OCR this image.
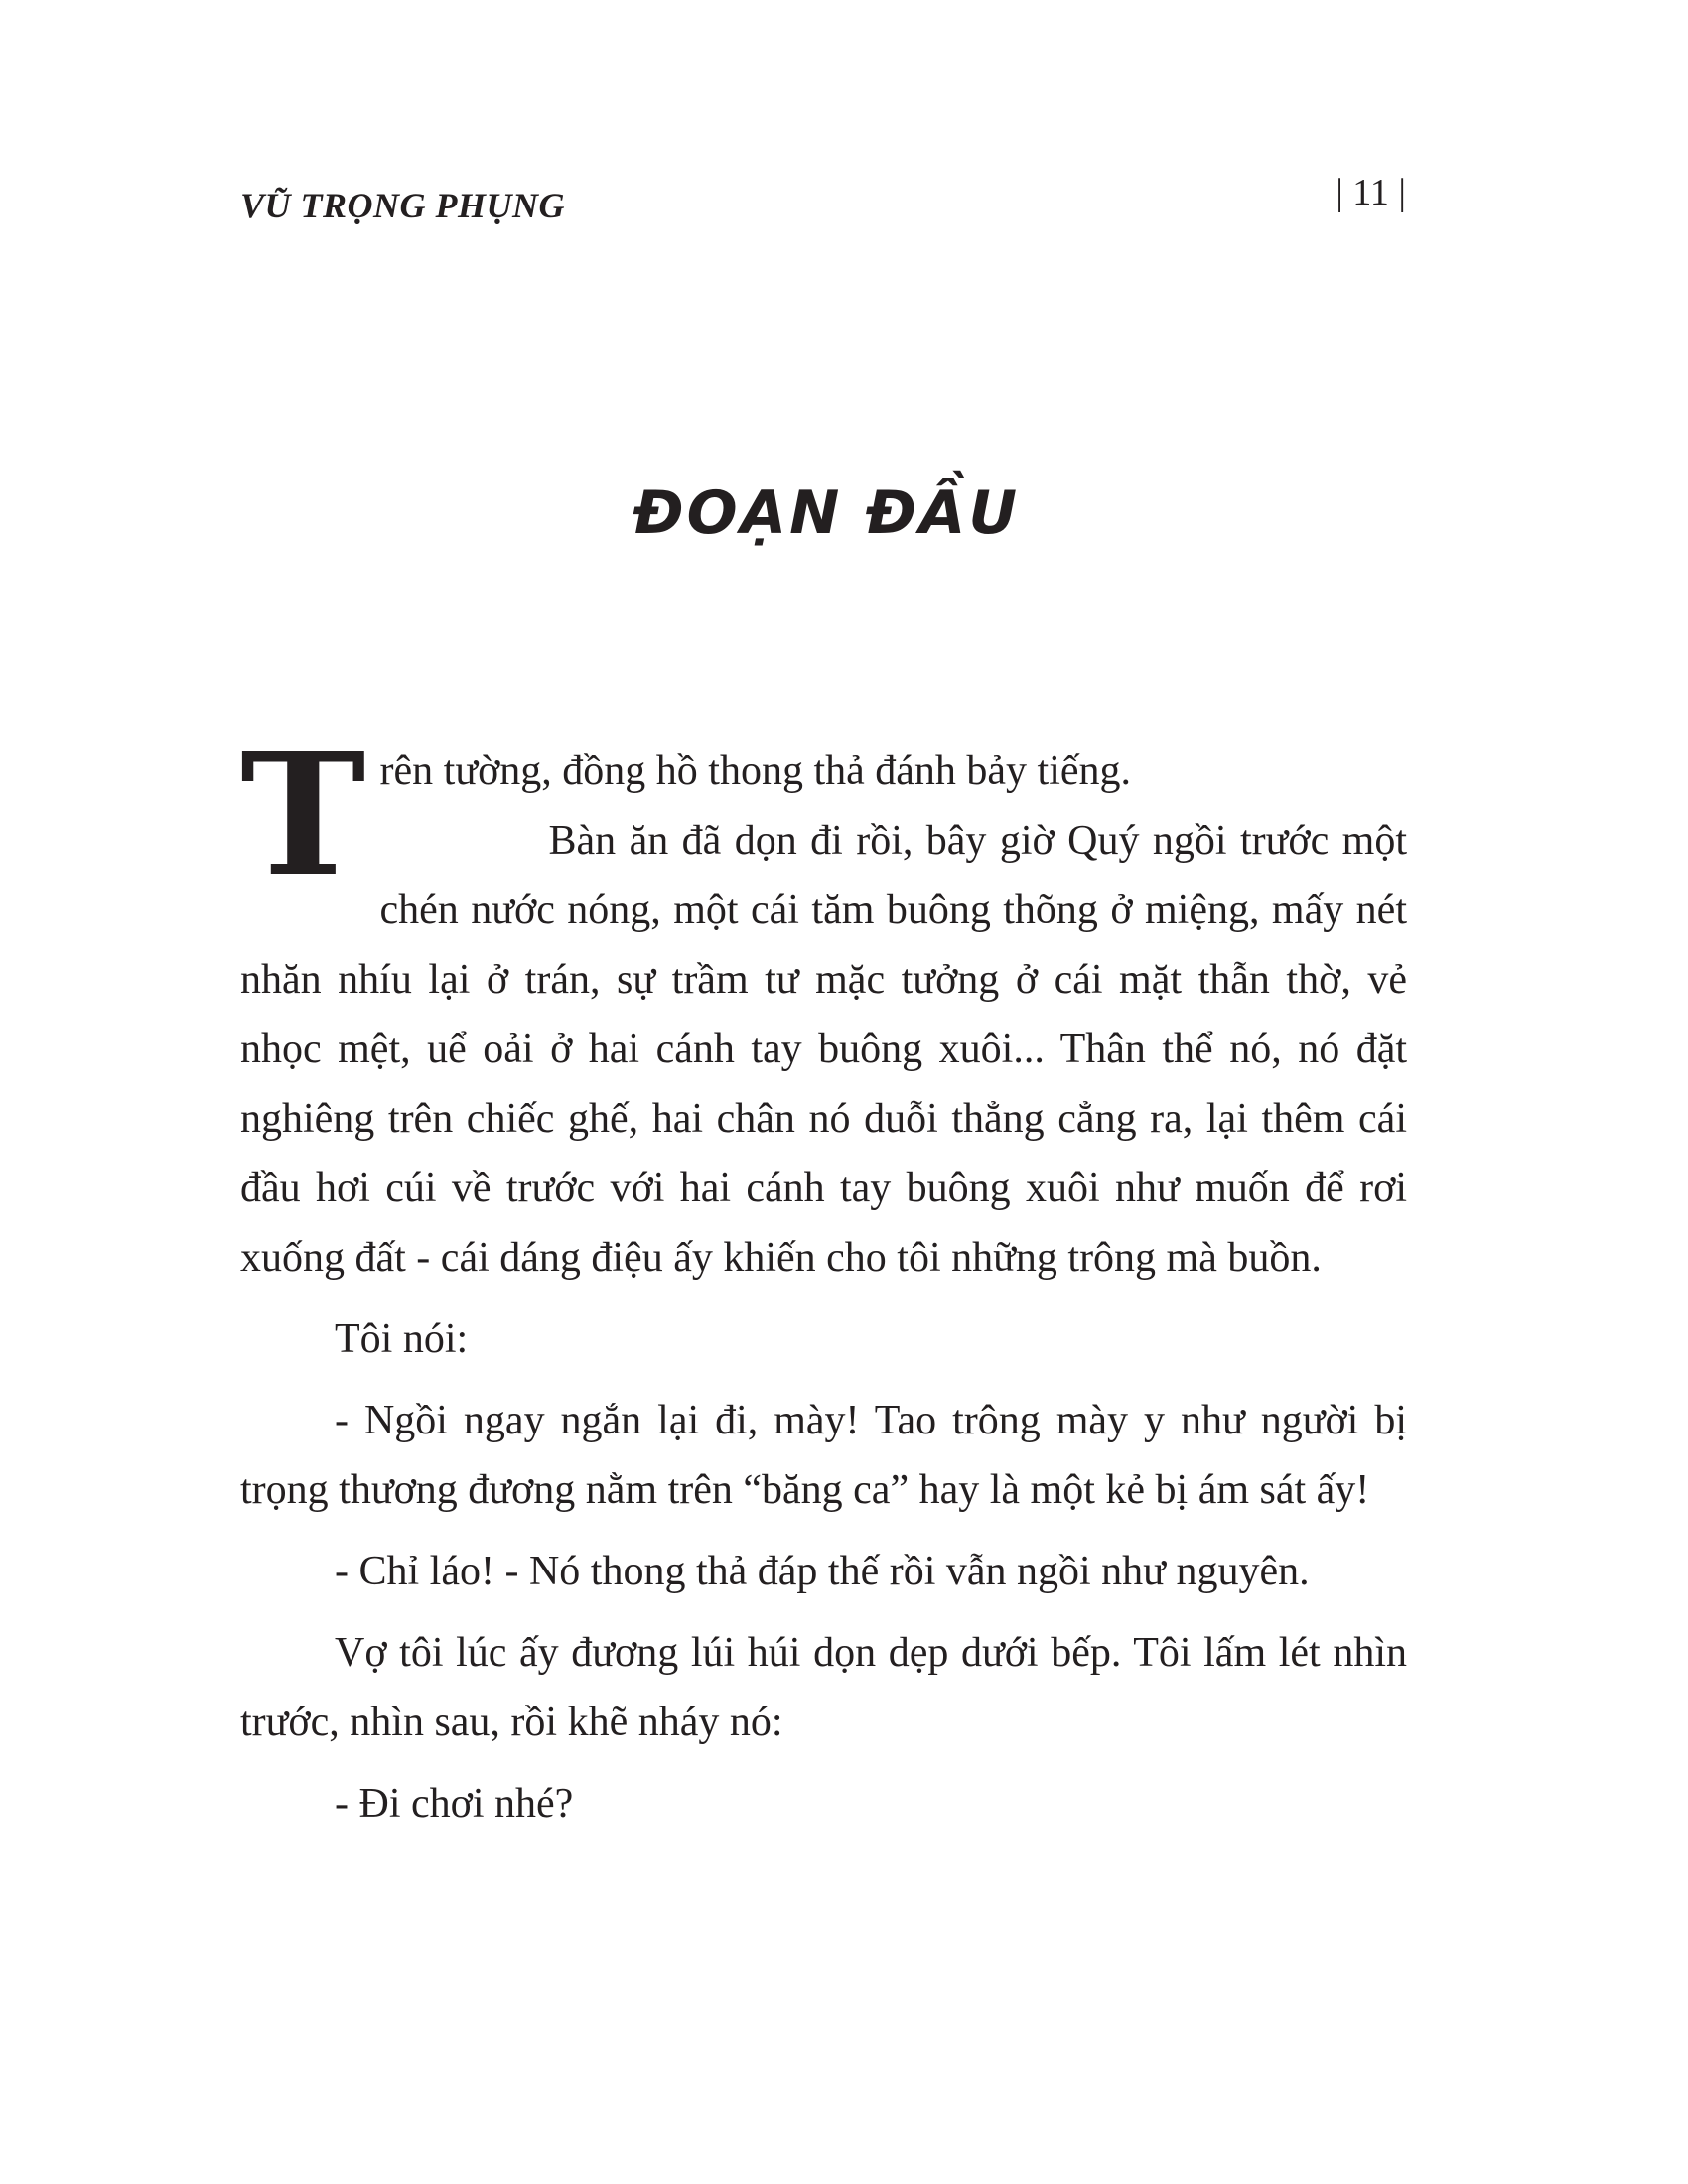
VŨ TRỌNG PHỤNG	| 11 |
ĐOẠN ĐẦU
T rên tường, đồng hồ thong thả đánh bảy tiếng.
Bàn ăn đã dọn đi rồi, bây giờ Quý ngồi trước một chén nước nóng, một cái tăm buông thõng ở miệng, mấy nét nhăn nhíu lại ở trán, sự trầm tư mặc tưởng ở cái mặt thẫn thờ, vẻ nhọc mệt, uể oải ở hai cánh tay buông xuôi... Thân thể nó, nó đặt nghiêng trên chiếc ghế, hai chân nó duỗi thẳng cẳng ra, lại thêm cái đầu hơi cúi về trước với hai cánh tay buông xuôi như muốn để rơi xuống đất - cái dáng điệu ấy khiến cho tôi những trông mà buồn.

Tôi nói:

- Ngồi ngay ngắn lại đi, mày! Tao trông mày y như người bị trọng thương đương nằm trên “băng ca” hay là một kẻ bị ám sát ấy!

- Chỉ láo! - Nó thong thả đáp thế rồi vẫn ngồi như nguyên.

Vợ tôi lúc ấy đương lúi húi dọn dẹp dưới bếp. Tôi lấm lét nhìn trước, nhìn sau, rồi khẽ nháy nó:

- Đi chơi nhé?
